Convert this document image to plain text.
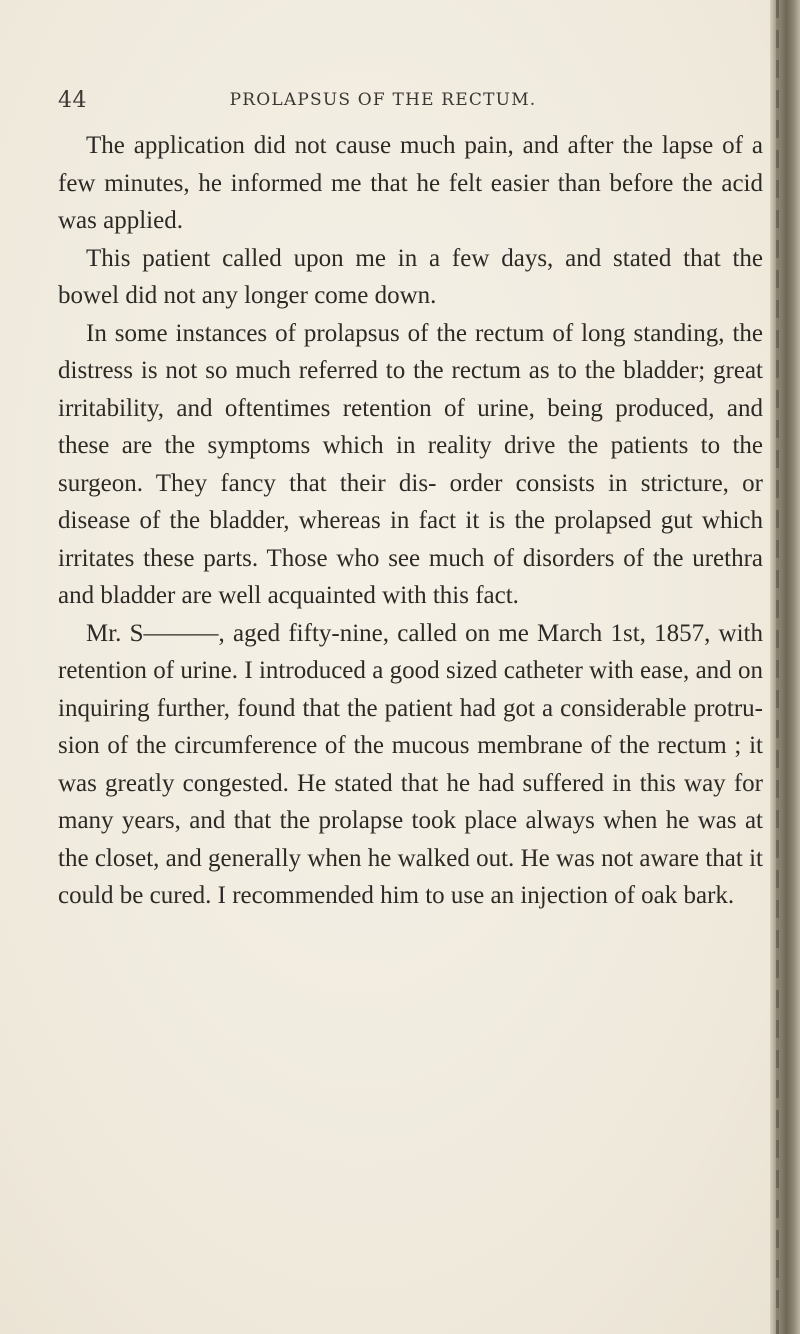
44	PROLAPSUS OF THE RECTUM.

The application did not cause much pain, and after the lapse of a few minutes, he informed me that he felt easier than before the acid was applied.

This patient called upon me in a few days, and stated that the bowel did not any longer come down.

In some instances of prolapsus of the rectum of long standing, the distress is not so much referred to the rectum as to the bladder; great irritability, and oftentimes retention of urine, being produced, and these are the symptoms which in reality drive the patients to the surgeon. They fancy that their dis- order consists in stricture, or disease of the bladder, whereas in fact it is the prolapsed gut which irritates these parts. Those who see much of disorders of the urethra and bladder are well acquainted with this fact.

Mr. S———, aged fifty-nine, called on me March 1st, 1857, with retention of urine. I introduced a good sized catheter with ease, and on inquiring further, found that the patient had got a considerable protru- sion of the circumference of the mucous membrane of the rectum ; it was greatly congested. He stated that he had suffered in this way for many years, and that the prolapse took place always when he was at the closet, and generally when he walked out. He was not aware that it could be cured. I recommended him to use an injection of oak bark.
